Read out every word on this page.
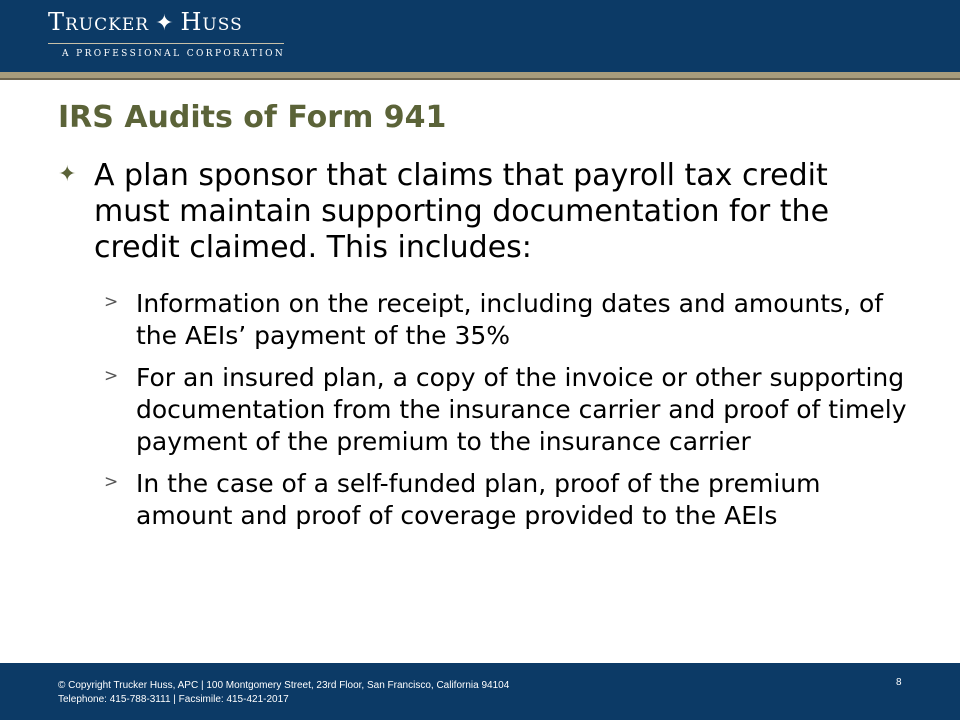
Trucker ✦ Huss
A PROFESSIONAL CORPORATION
IRS Audits of Form 941
✦ A plan sponsor that claims that payroll tax credit must maintain supporting documentation for the credit claimed. This includes:
> Information on the receipt, including dates and amounts, of the AEIs’ payment of the 35%
> For an insured plan, a copy of the invoice or other supporting documentation from the insurance carrier and proof of timely payment of the premium to the insurance carrier
> In the case of a self-funded plan, proof of the premium amount and proof of coverage provided to the AEIs
© Copyright Trucker Huss, APC | 100 Montgomery Street, 23rd Floor, San Francisco, California 94104
Telephone: 415-788-3111 | Facsimile: 415-421-2017
8
